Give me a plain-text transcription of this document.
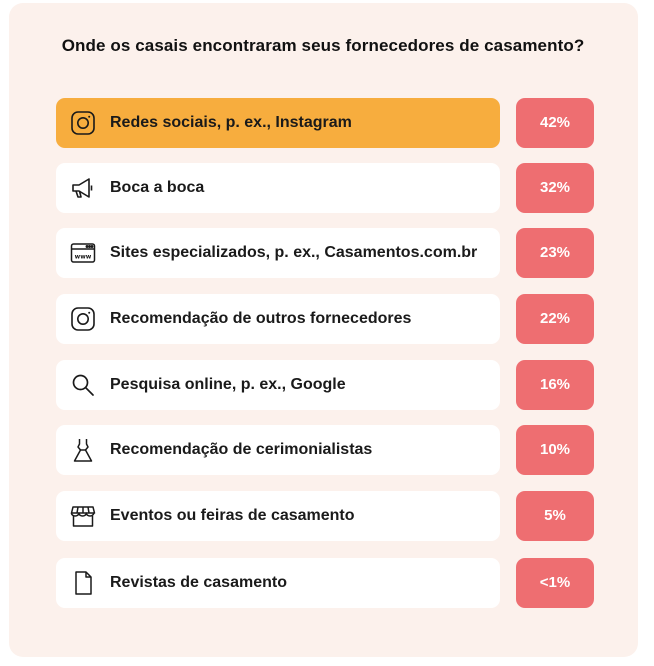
Onde os casais encontraram seus fornecedores de casamento?
Redes sociais, p. ex., Instagram	42%
Boca a boca	32%
www Sites especializados, p. ex., Casamentos.com.br	23%
Recomendação de outros fornecedores	22%
Pesquisa online, p. ex., Google	16%
Recomendação de cerimonialistas	10%
Eventos ou feiras de casamento	5%
Revistas de casamento	<1%
